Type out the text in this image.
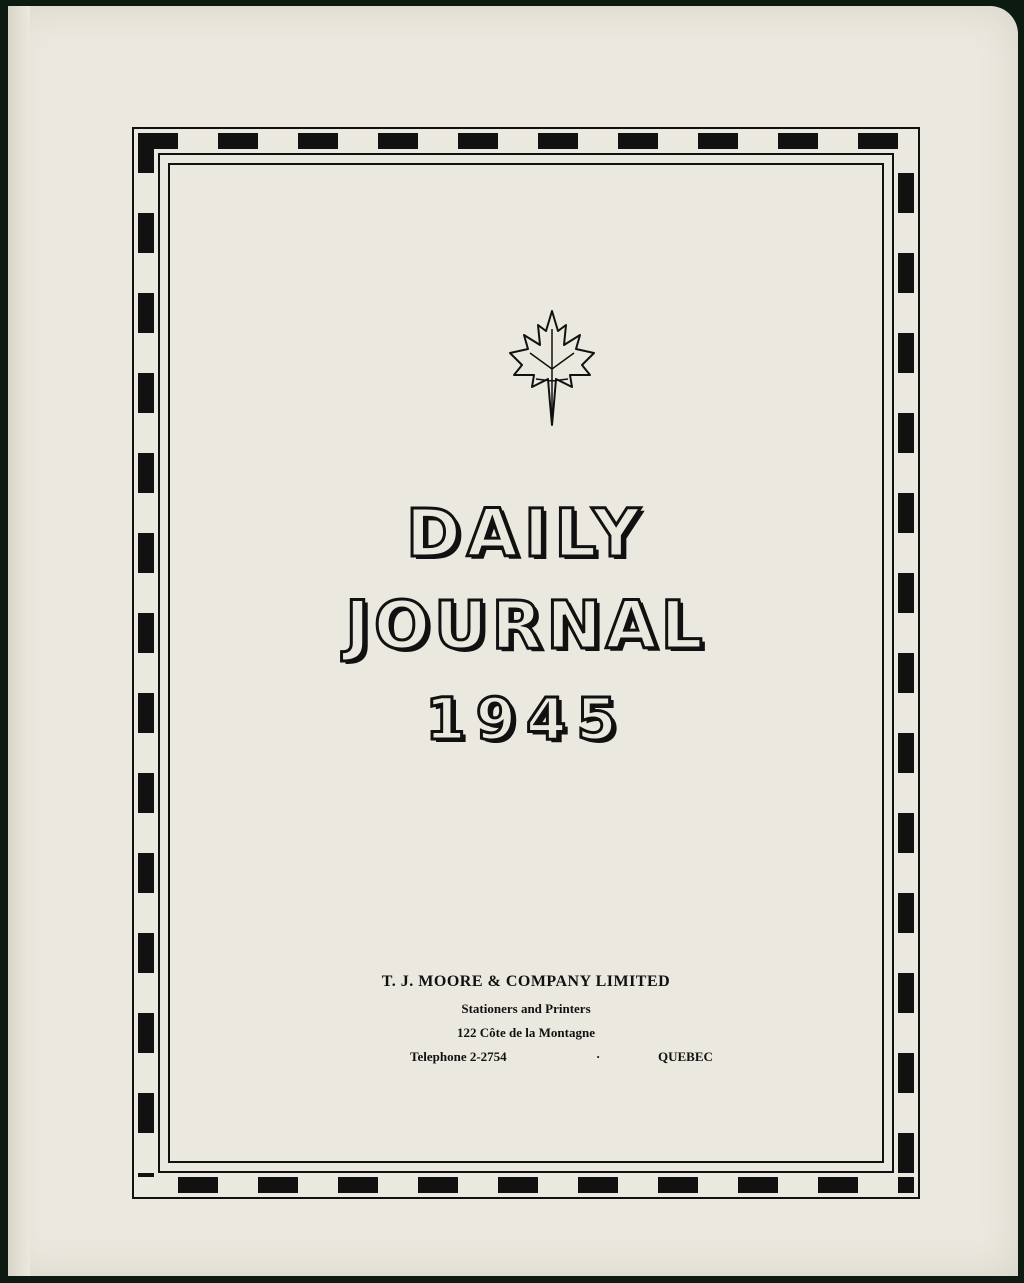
DAILY
JOURNAL
1945
T. J. MOORE & COMPANY LIMITED
Stationers and Printers
122 Côte de la Montagne
Telephone 2-2754	·	QUEBEC
